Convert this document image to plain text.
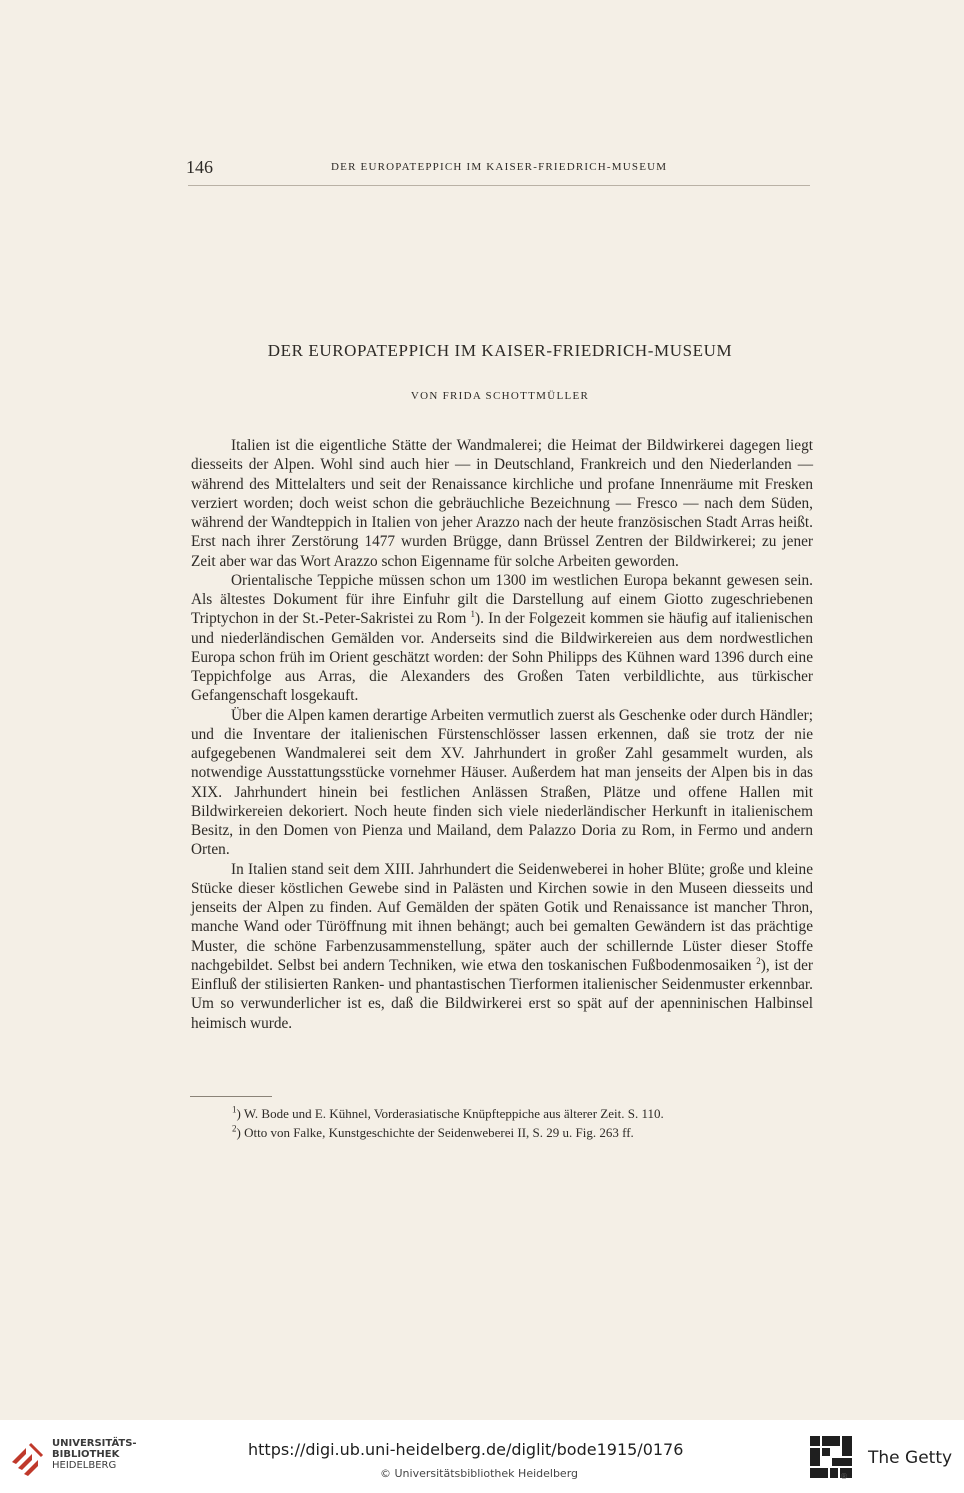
146	DER EUROPATEPPICH IM KAISER-FRIEDRICH-MUSEUM
DER EUROPATEPPICH IM KAISER-FRIEDRICH-MUSEUM
VON FRIDA SCHOTTMÜLLER

Italien ist die eigentliche Stätte der Wandmalerei; die Heimat der Bildwirkerei dagegen liegt diesseits der Alpen. Wohl sind auch hier — in Deutschland, Frankreich und den Niederlanden — während des Mittelalters und seit der Renaissance kirchliche und profane Innenräume mit Fresken verziert worden; doch weist schon die gebräuchliche Bezeichnung — Fresco — nach dem Süden, während der Wandteppich in Italien von jeher Arazzo nach der heute französischen Stadt Arras heißt. Erst nach ihrer Zerstörung 1477 wurden Brügge, dann Brüssel Zentren der Bildwirkerei; zu jener Zeit aber war das Wort Arazzo schon Eigenname für solche Arbeiten geworden.

Orientalische Teppiche müssen schon um 1300 im westlichen Europa bekannt gewesen sein. Als ältestes Dokument für ihre Einfuhr gilt die Darstellung auf einem Giotto zugeschriebenen Triptychon in der St.-Peter-Sakristei zu Rom $^1$). In der Folgezeit kommen sie häufig auf italienischen und niederländischen Gemälden vor. Anderseits sind die Bildwirkereien aus dem nordwestlichen Europa schon früh im Orient geschätzt worden: der Sohn Philipps des Kühnen ward 1396 durch eine Teppichfolge aus Arras, die Alexanders des Großen Taten verbildlichte, aus türkischer Gefangenschaft losgekauft.

Über die Alpen kamen derartige Arbeiten vermutlich zuerst als Geschenke oder durch Händler; und die Inventare der italienischen Fürstenschlösser lassen erkennen, daß sie trotz der nie aufgegebenen Wandmalerei seit dem XV. Jahrhundert in großer Zahl gesammelt wurden, als notwendige Ausstattungsstücke vornehmer Häuser. Außerdem hat man jenseits der Alpen bis in das XIX. Jahrhundert hinein bei festlichen Anlässen Straßen, Plätze und offene Hallen mit Bildwirkereien dekoriert. Noch heute finden sich viele niederländischer Herkunft in italienischem Besitz, in den Domen von Pienza und Mailand, dem Palazzo Doria zu Rom, in Fermo und andern Orten.

In Italien stand seit dem XIII. Jahrhundert die Seidenweberei in hoher Blüte; große und kleine Stücke dieser köstlichen Gewebe sind in Palästen und Kirchen sowie in den Museen diesseits und jenseits der Alpen zu finden. Auf Gemälden der späten Gotik und Renaissance ist mancher Thron, manche Wand oder Türöffnung mit ihnen behängt; auch bei gemalten Gewändern ist das prächtige Muster, die schöne Farbenzusammenstellung, später auch der schillernde Lüster dieser Stoffe nachgebildet. Selbst bei andern Techniken, wie etwa den toskanischen Fußbodenmosaiken $^2$), ist der Einfluß der stilisierten Ranken- und phantastischen Tierformen italienischer Seidenmuster erkennbar. Um so verwunderlicher ist es, daß die Bildwirkerei erst so spät auf der apenninischen Halbinsel heimisch wurde.

$^1$) W. Bode und E. Kühnel, Vorderasiatische Knüpfteppiche aus älterer Zeit. S. 110.

$^2$) Otto von Falke, Kunstgeschichte der Seidenweberei II, S. 29 u. Fig. 263 ff.

UNIVERSITÄTS-
BIBLIOTHEK
HEIDELBERG
https://digi.ub.uni-heidelberg.de/diglit/bode1915/0176
© Universitätsbibliothek Heidelberg	®
The Getty
